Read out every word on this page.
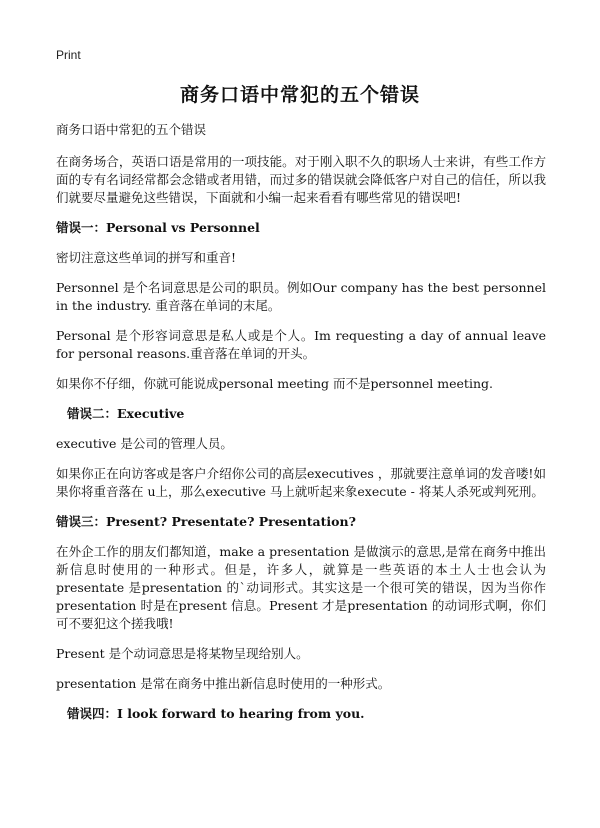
Print
商务口语中常犯的五个错误

商务口语中常犯的五个错误

在商务场合，英语口语是常用的一项技能。对于刚入职不久的职场人士来讲，有些工作方面的专有名词经常都会念错或者用错，而过多的错误就会降低客户对自己的信任，所以我们就要尽量避免这些错误，下面就和小编一起来看看有哪些常见的错误吧!

错误一：Personal vs Personnel

密切注意这些单词的拼写和重音!

Personnel 是个名词意思是公司的职员。例如Our company has the best personnel in the industry. 重音落在单词的末尾。

Personal 是个形容词意思是私人或是个人。Im requesting a day of annual leave for personal reasons.重音落在单词的开头。

如果你不仔细，你就可能说成personal meeting 而不是personnel meeting.

错误二：Executive

executive 是公司的管理人员。

如果你正在向访客或是客户介绍你公司的高层executives ，那就要注意单词的发音喽!如果你将重音落在 u上，那么executive 马上就听起来象execute - 将某人杀死或判死刑。

错误三：Present? Presentate? Presentation?

在外企工作的朋友们都知道，make a presentation 是做演示的意思,是常在商务中推出新信息时使用的一种形式。但是，许多人，就算是一些英语的本土人士也会认为presentate 是presentation 的`动词形式。其实这是一个很可笑的错误，因为当你作presentation 时是在present 信息。Present 才是presentation 的动词形式啊，你们可不要犯这个搓我哦!

Present 是个动词意思是将某物呈现给别人。

presentation 是常在商务中推出新信息时使用的一种形式。

错误四：I look forward to hearing from you.
